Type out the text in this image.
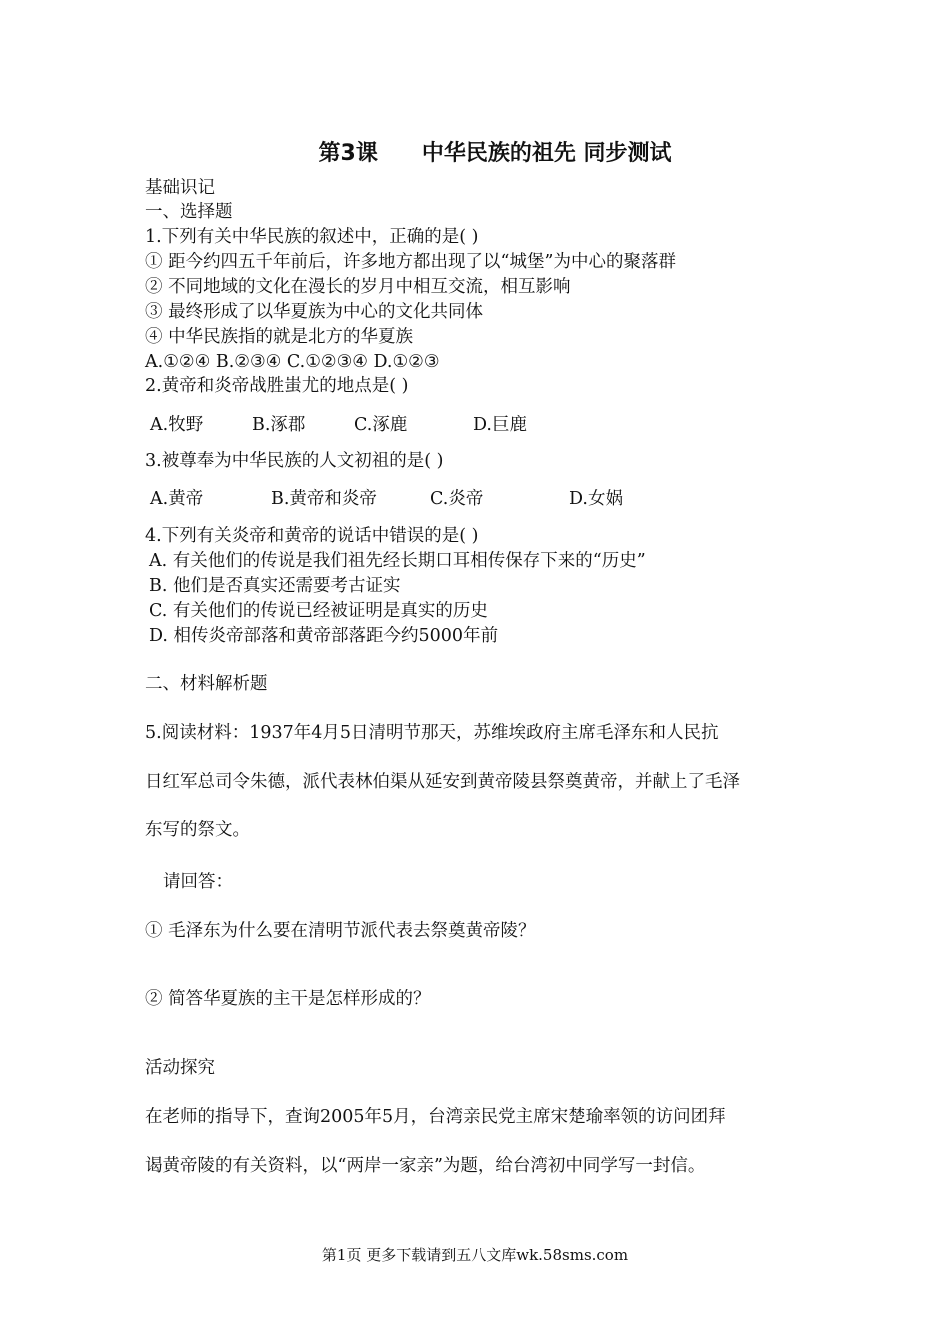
第3课　　中华民族的祖先 同步测试
基础识记
一、选择题
1.下列有关中华民族的叙述中，正确的是( )
① 距今约四五千年前后，许多地方都出现了以“城堡”为中心的聚落群
② 不同地域的文化在漫长的岁月中相互交流，相互影响
③ 最终形成了以华夏族为中心的文化共同体
④ 中华民族指的就是北方的华夏族
A.①②④ B.②③④ C.①②③④ D.①②③
2.黄帝和炎帝战胜蚩尤的地点是( )
A.牧野	B.涿郡	C.涿鹿	D.巨鹿
3.被尊奉为中华民族的人文初祖的是( )
A.黄帝	B.黄帝和炎帝	C.炎帝	D.女娲
4.下列有关炎帝和黄帝的说话中错误的是( )
A. 有关他们的传说是我们祖先经长期口耳相传保存下来的“历史”
B. 他们是否真实还需要考古证实
C. 有关他们的传说已经被证明是真实的历史
D. 相传炎帝部落和黄帝部落距今约5000年前
二、材料解析题
5.阅读材料：1937年4月5日清明节那天，苏维埃政府主席毛泽东和人民抗
日红军总司令朱德，派代表林伯渠从延安到黄帝陵县祭奠黄帝，并献上了毛泽
东写的祭文。
请回答：
① 毛泽东为什么要在清明节派代表去祭奠黄帝陵？
② 简答华夏族的主干是怎样形成的？
活动探究
在老师的指导下，查询2005年5月，台湾亲民党主席宋楚瑜率领的访问团拜
谒黄帝陵的有关资料，以“两岸一家亲”为题，给台湾初中同学写一封信。
第1页 更多下载请到五八文库wk.58sms.com
